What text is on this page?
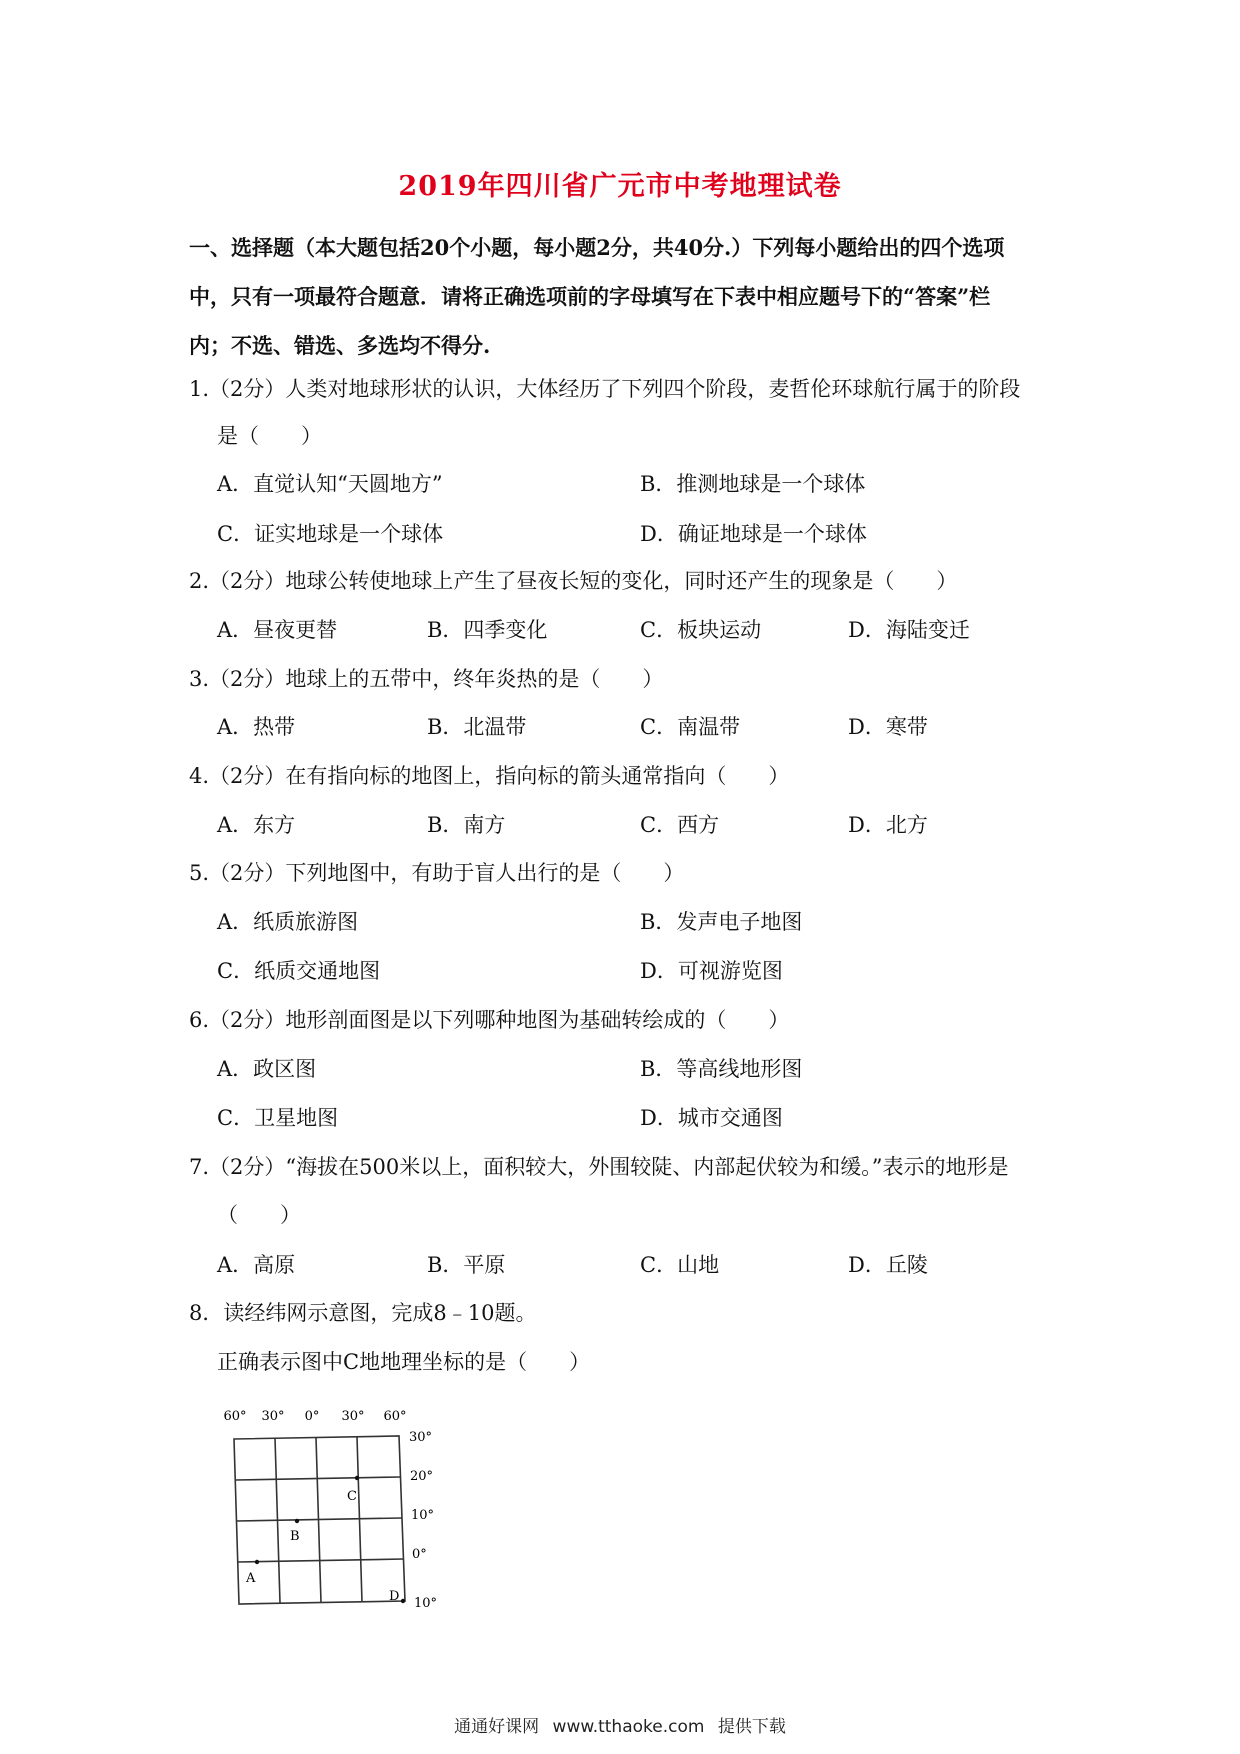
2019年四川省广元市中考地理试卷
一、选择题（本大题包括20个小题，每小题2分，共40分.）下列每小题给出的四个选项
中，只有一项最符合题意．请将正确选项前的字母填写在下表中相应题号下的“答案”栏
内；不选、错选、多选均不得分.
1.（2分）人类对地球形状的认识，大体经历了下列四个阶段，麦哲伦环球航行属于的阶段
是（　　）
A．直觉认知“天圆地方”	B．推测地球是一个球体
C．证实地球是一个球体	D．确证地球是一个球体
2.（2分）地球公转使地球上产生了昼夜长短的变化，同时还产生的现象是（　　）
A．昼夜更替	B．四季变化	C．板块运动	D．海陆变迁
3.（2分）地球上的五带中，终年炎热的是（　　）
A．热带	B．北温带	C．南温带	D．寒带
4.（2分）在有指向标的地图上，指向标的箭头通常指向（　　）
A．东方	B．南方	C．西方	D．北方
5.（2分）下列地图中，有助于盲人出行的是（　　）
A．纸质旅游图	B．发声电子地图
C．纸质交通地图	D．可视游览图
6.（2分）地形剖面图是以下列哪种地图为基础转绘成的（　　）
A．政区图	B．等高线地形图
C．卫星地图	D．城市交通图
7.（2分）“海拔在500米以上，面积较大，外围较陡、内部起伏较为和缓。”表示的地形是
（　　）
A．高原	B．平原	C．山地	D．丘陵
8．读经纬网示意图，完成8﹣10题。
正确表示图中C地地理坐标的是（　　）
60° 30° 0° 30° 60°
30°
20°
10°
0°
10°
A
B
C
D
通通好课网 www.tthaoke.com 提供下载
